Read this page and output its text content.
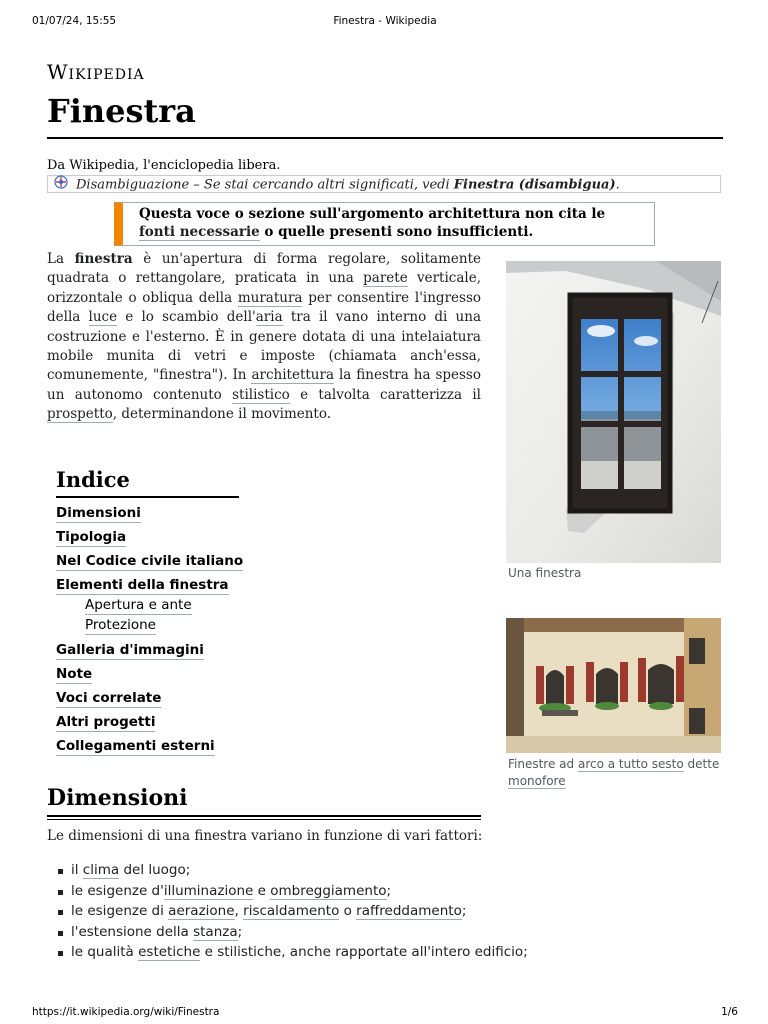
01/07/24, 15:55	Finestra - Wikipedia
Wikipedia
Finestra
Da Wikipedia, l'enciclopedia libera.
Disambiguazione – Se stai cercando altri significati, vedi Finestra (disambigua).
Questa voce o sezione sull'argomento architettura non cita le fonti necessarie o quelle presenti sono insufficienti.

La finestra è un'apertura di forma regolare, solitamente quadrata o rettangolare, praticata in una parete verticale, orizzontale o obliqua della muratura per consentire l'ingresso della luce e lo scambio dell'aria tra il vano interno di una costruzione e l'esterno. È in genere dotata di una intelaiatura mobile munita di vetri e imposte (chiamata anch'essa, comunemente, "finestra"). In architettura la finestra ha spesso un autonomo contenuto stilistico e talvolta caratterizza il prospetto, determinandone il movimento.

Una finestra
Finestre ad arco a tutto sesto dette monofore
Indice
Dimensioni
Tipologia
Nel Codice civile italiano
Elementi della finestra
Apertura e ante
Protezione
Galleria d'immagini
Note
Voci correlate
Altri progetti
Collegamenti esterni
Dimensioni
Le dimensioni di una finestra variano in funzione di vari fattori:
il clima del luogo;
le esigenze d'illuminazione e ombreggiamento;
le esigenze di aerazione, riscaldamento o raffreddamento;
l'estensione della stanza;
le qualità estetiche e stilistiche, anche rapportate all'intero edificio;
https://it.wikipedia.org/wiki/Finestra	1/6
